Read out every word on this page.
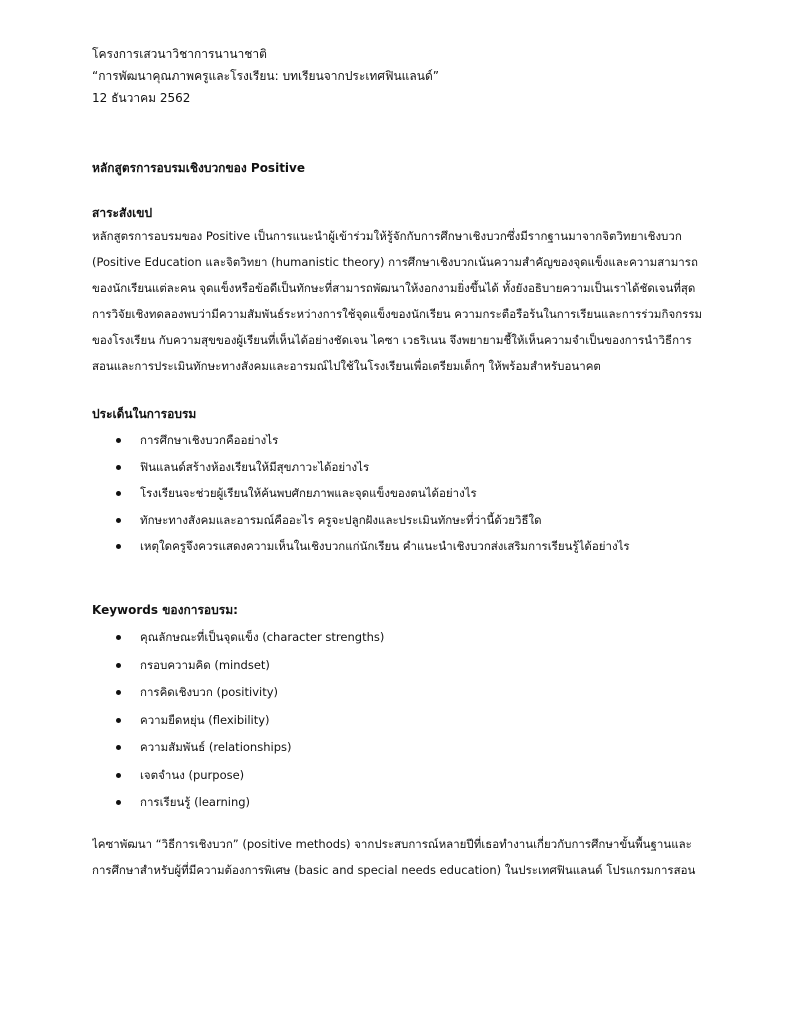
โครงการเสวนาวิชาการนานาชาติ
“การพัฒนาคุณภาพครูและโรงเรียน: บทเรียนจากประเทศฟินแลนด์”
12 ธันวาคม 2562
หลักสูตรการอบรมเชิงบวกของ Positive
สาระสังเขป
หลักสูตรการอบรมของ Positive เป็นการแนะนำผู้เข้าร่วมให้รู้จักกับการศึกษาเชิงบวกซึ่งมีรากฐานมาจากจิตวิทยาเชิงบวก
(Positive Education และจิตวิทยา (humanistic theory) การศึกษาเชิงบวกเน้นความสำคัญของจุดแข็งและความสามารถ
ของนักเรียนแต่ละคน จุดแข็งหรือข้อดีเป็นทักษะที่สามารถพัฒนาให้งอกงามยิ่งขึ้นได้ ทั้งยังอธิบายความเป็นเราได้ชัดเจนที่สุด
การวิจัยเชิงทดลองพบว่ามีความสัมพันธ์ระหว่างการใช้จุดแข็งของนักเรียน ความกระตือรือร้นในการเรียนและการร่วมกิจกรรม
ของโรงเรียน กับความสุขของผู้เรียนที่เห็นได้อย่างชัดเจน ไคซา เวธริเนน จึงพยายามชี้ให้เห็นความจำเป็นของการนำวิธีการ
สอนและการประเมินทักษะทางสังคมและอารมณ์ไปใช้ในโรงเรียนเพื่อเตรียมเด็กๆ ให้พร้อมสำหรับอนาคต
ประเด็นในการอบรม
การศึกษาเชิงบวกคืออย่างไร
ฟินแลนด์สร้างห้องเรียนให้มีสุขภาวะได้อย่างไร
โรงเรียนจะช่วยผู้เรียนให้ค้นพบศักยภาพและจุดแข็งของตนได้อย่างไร
ทักษะทางสังคมและอารมณ์คืออะไร ครูจะปลูกฝังและประเมินทักษะที่ว่านี้ด้วยวิธีใด
เหตุใดครูจึงควรแสดงความเห็นในเชิงบวกแก่นักเรียน คำแนะนำเชิงบวกส่งเสริมการเรียนรู้ได้อย่างไร
Keywords ของการอบรม:
คุณลักษณะที่เป็นจุดแข็ง (character strengths)
กรอบความคิด (mindset)
การคิดเชิงบวก (positivity)
ความยืดหยุ่น (flexibility)
ความสัมพันธ์ (relationships)
เจตจำนง (purpose)
การเรียนรู้ (learning)
ไคซาพัฒนา “วิธีการเชิงบวก” (positive methods) จากประสบการณ์หลายปีที่เธอทำงานเกี่ยวกับการศึกษาขั้นพื้นฐานและ
การศึกษาสำหรับผู้ที่มีความต้องการพิเศษ (basic and special needs education) ในประเทศฟินแลนด์ โปรแกรมการสอน
